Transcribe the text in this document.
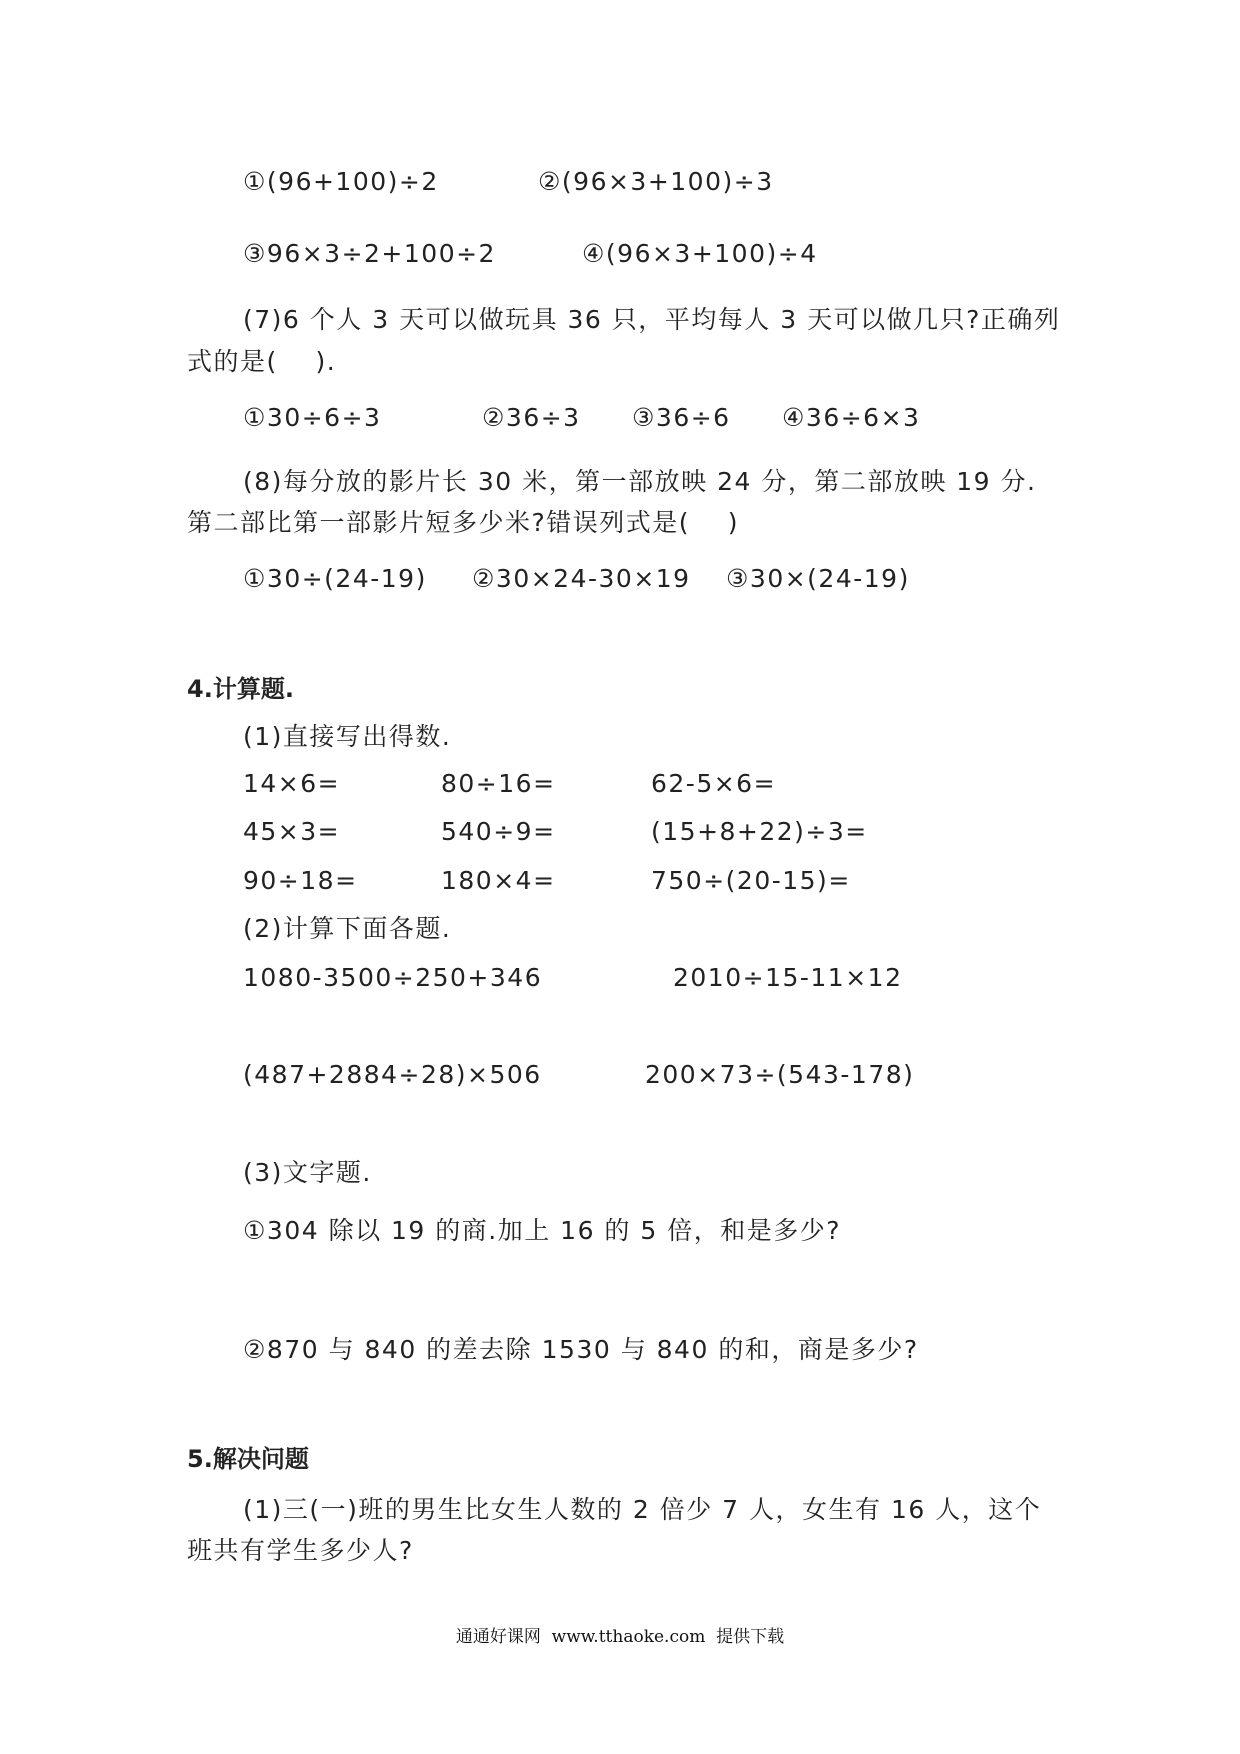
①(96+100)÷2	②(96×3+100)÷3
③96×3÷2+100÷2	④(96×3+100)÷4
(7)6 个人 3 天可以做玩具 36 只，平均每人 3 天可以做几只?正确列
式的是(    ).
①30÷6÷3	②36÷3 ③36÷6 ④36÷6×3
(8)每分放的影片长 30 米，第一部放映 24 分，第二部放映 19 分.
第二部比第一部影片短多少米?错误列式是(    )
①30÷(24-19) ②30×24-30×19 ③30×(24-19)
4.计算题.
(1)直接写出得数.
14×6=	80÷16=	62-5×6=
45×3=	540÷9=	(15+8+22)÷3=
90÷18=	180×4=	750÷(20-15)=
(2)计算下面各题.
1080-3500÷250+346	2010÷15-11×12
(487+2884÷28)×506	200×73÷(543-178)
(3)文字题.
①304 除以 19 的商.加上 16 的 5 倍，和是多少?
②870 与 840 的差去除 1530 与 840 的和，商是多少?
5.解决问题
(1)三(一)班的男生比女生人数的 2 倍少 7 人，女生有 16 人，这个
班共有学生多少人?
通通好课网  www.tthaoke.com  提供下载
